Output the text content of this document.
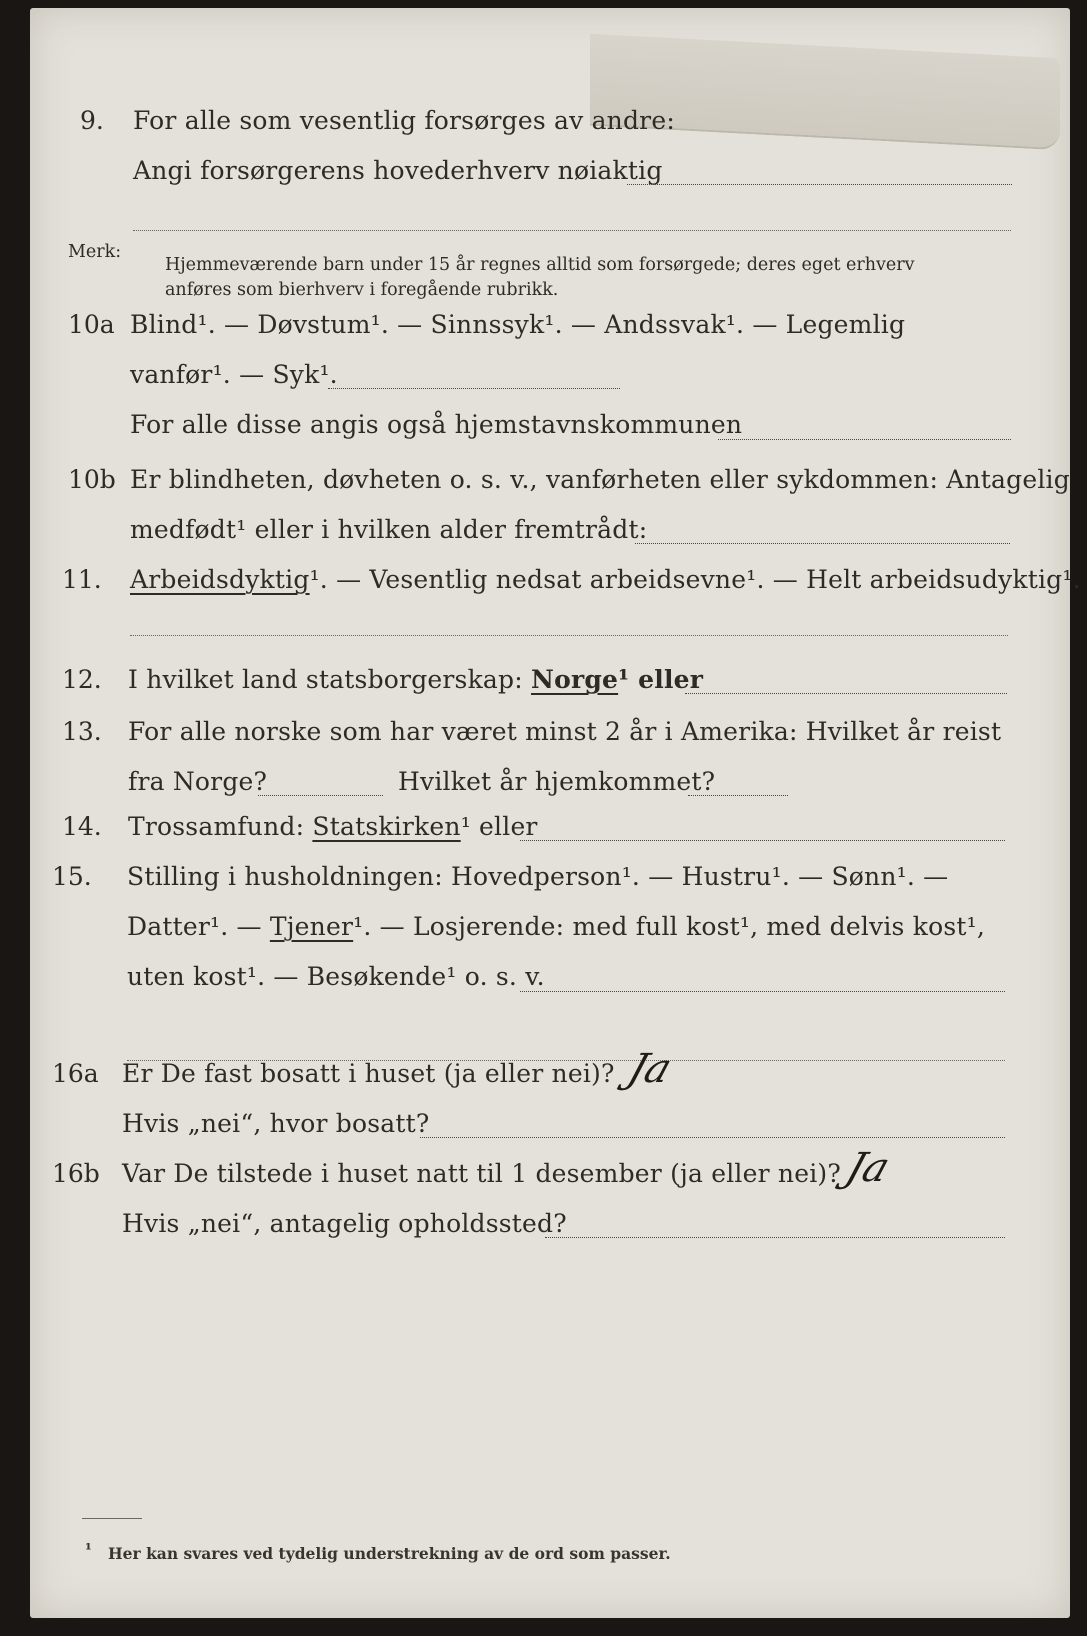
9. For alle som vesentlig forsørges av andre:
Angi forsørgerens hovederhverv nøiaktig
Merk:
Hjemmeværende barn under 15 år regnes alltid som forsørgede; deres eget erhverv
anføres som bierhverv i foregående rubrikk.
10a Blind¹. — Døvstum¹. — Sinnssyk¹. — Andssvak¹. — Legemlig
vanfør¹. — Syk¹.
For alle disse angis også hjemstavnskommunen
10b Er blindheten, døvheten o. s. v., vanførheten eller sykdommen: Antagelig
medfødt¹ eller i hvilken alder fremtrådt:
11. Arbeidsdyktig¹. — Vesentlig nedsat arbeidsevne¹. — Helt arbeidsudyktig¹.
12. I hvilket land statsborgerskap: Norge¹ eller
13. For alle norske som har været minst 2 år i Amerika: Hvilket år reist
fra Norge?	Hvilket år hjemkommet?
14. Trossamfund: Statskirken¹ eller
15. Stilling i husholdningen: Hovedperson¹. — Hustru¹. — Sønn¹. —
Datter¹. — Tjener¹. — Losjerende: med full kost¹, med delvis kost¹,
uten kost¹. — Besøkende¹ o. s. v.
16a Er De fast bosatt i huset (ja eller nei)? Ja
Hvis „nei“, hvor bosatt?
16b Var De tilstede i huset natt til 1 desember (ja eller nei)? Ja
Hvis „nei“, antagelig opholdssted?
¹ Her kan svares ved tydelig understrekning av de ord som passer.
